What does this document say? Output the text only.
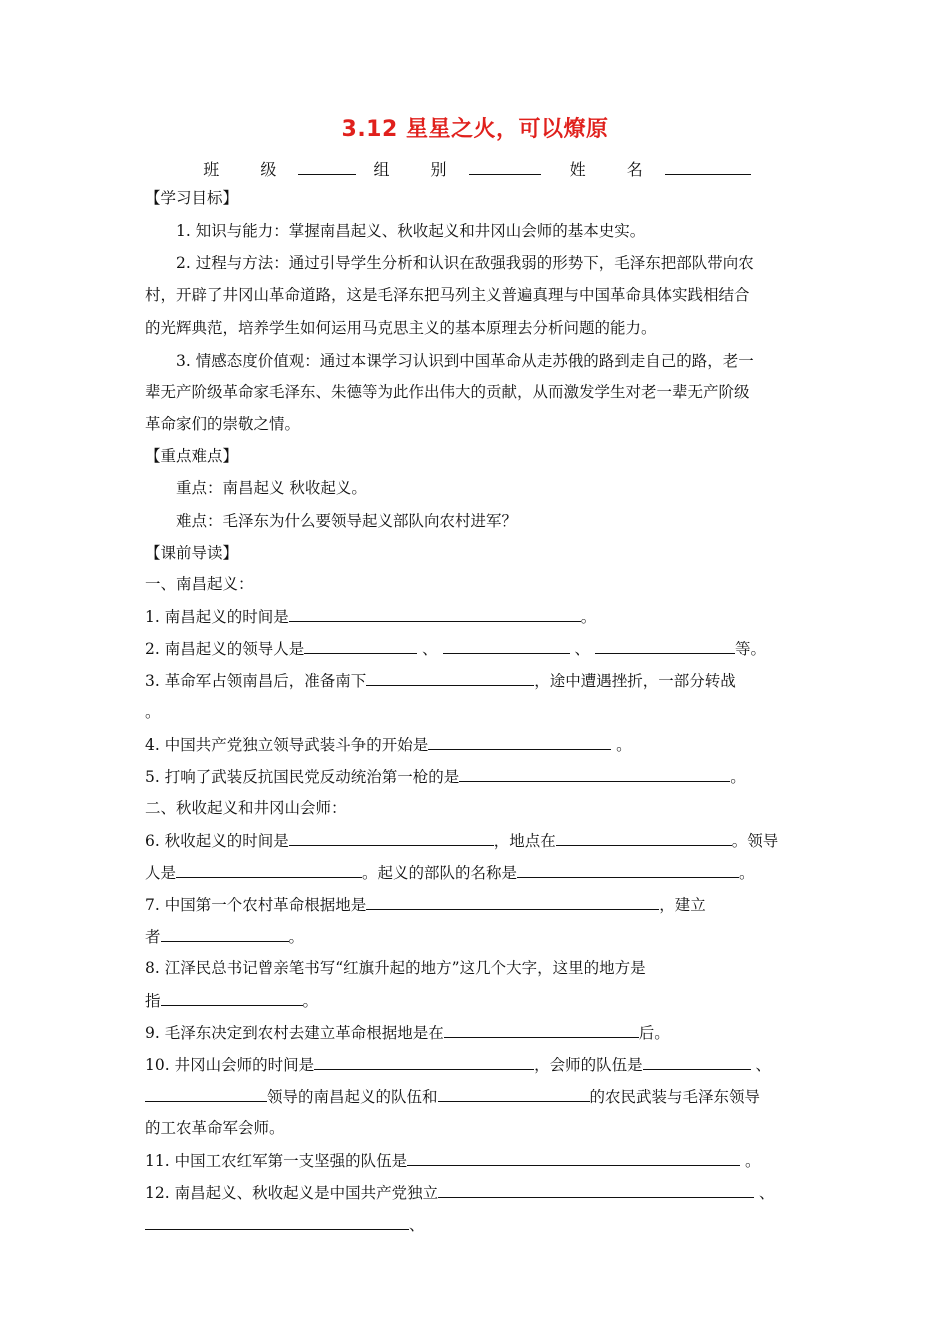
3.12 星星之火，可以燎原
班 级	组 别	姓 名
【学习目标】
1. 知识与能力：掌握南昌起义、秋收起义和井冈山会师的基本史实。
2. 过程与方法：通过引导学生分析和认识在敌强我弱的形势下，毛泽东把部队带向农
村，开辟了井冈山革命道路，这是毛泽东把马列主义普遍真理与中国革命具体实践相结合
的光辉典范，培养学生如何运用马克思主义的基本原理去分析问题的能力。
3. 情感态度价值观：通过本课学习认识到中国革命从走苏俄的路到走自己的路，老一
辈无产阶级革命家毛泽东、朱德等为此作出伟大的贡献，从而激发学生对老一辈无产阶级
革命家们的崇敬之情。
【重点难点】
重点：南昌起义 秋收起义。
难点：毛泽东为什么要领导起义部队向农村进军？
【课前导读】
一、南昌起义：
1. 南昌起义的时间是	。
2. 南昌起义的领导人是	、	、	等。
3. 革命军占领南昌后，准备南下	，途中遭遇挫折，一部分转战
。
4. 中国共产党独立领导武装斗争的开始是	。
5. 打响了武装反抗国民党反动统治第一枪的是	。
二、秋收起义和井冈山会师：
6. 秋收起义的时间是	，地点在	。领导
人是	。起义的部队的名称是	。
7. 中国第一个农村革命根据地是	，建立
者	。
8. 江泽民总书记曾亲笔书写“红旗升起的地方”这几个大字，这里的地方是
指	。
9. 毛泽东决定到农村去建立革命根据地是在	后。
10. 井冈山会师的时间是	，会师的队伍是	、
领导的南昌起义的队伍和	的农民武装与毛泽东领导
的工农革命军会师。
11. 中国工农红军第一支坚强的队伍是	。
12. 南昌起义、秋收起义是中国共产党独立	、
、
